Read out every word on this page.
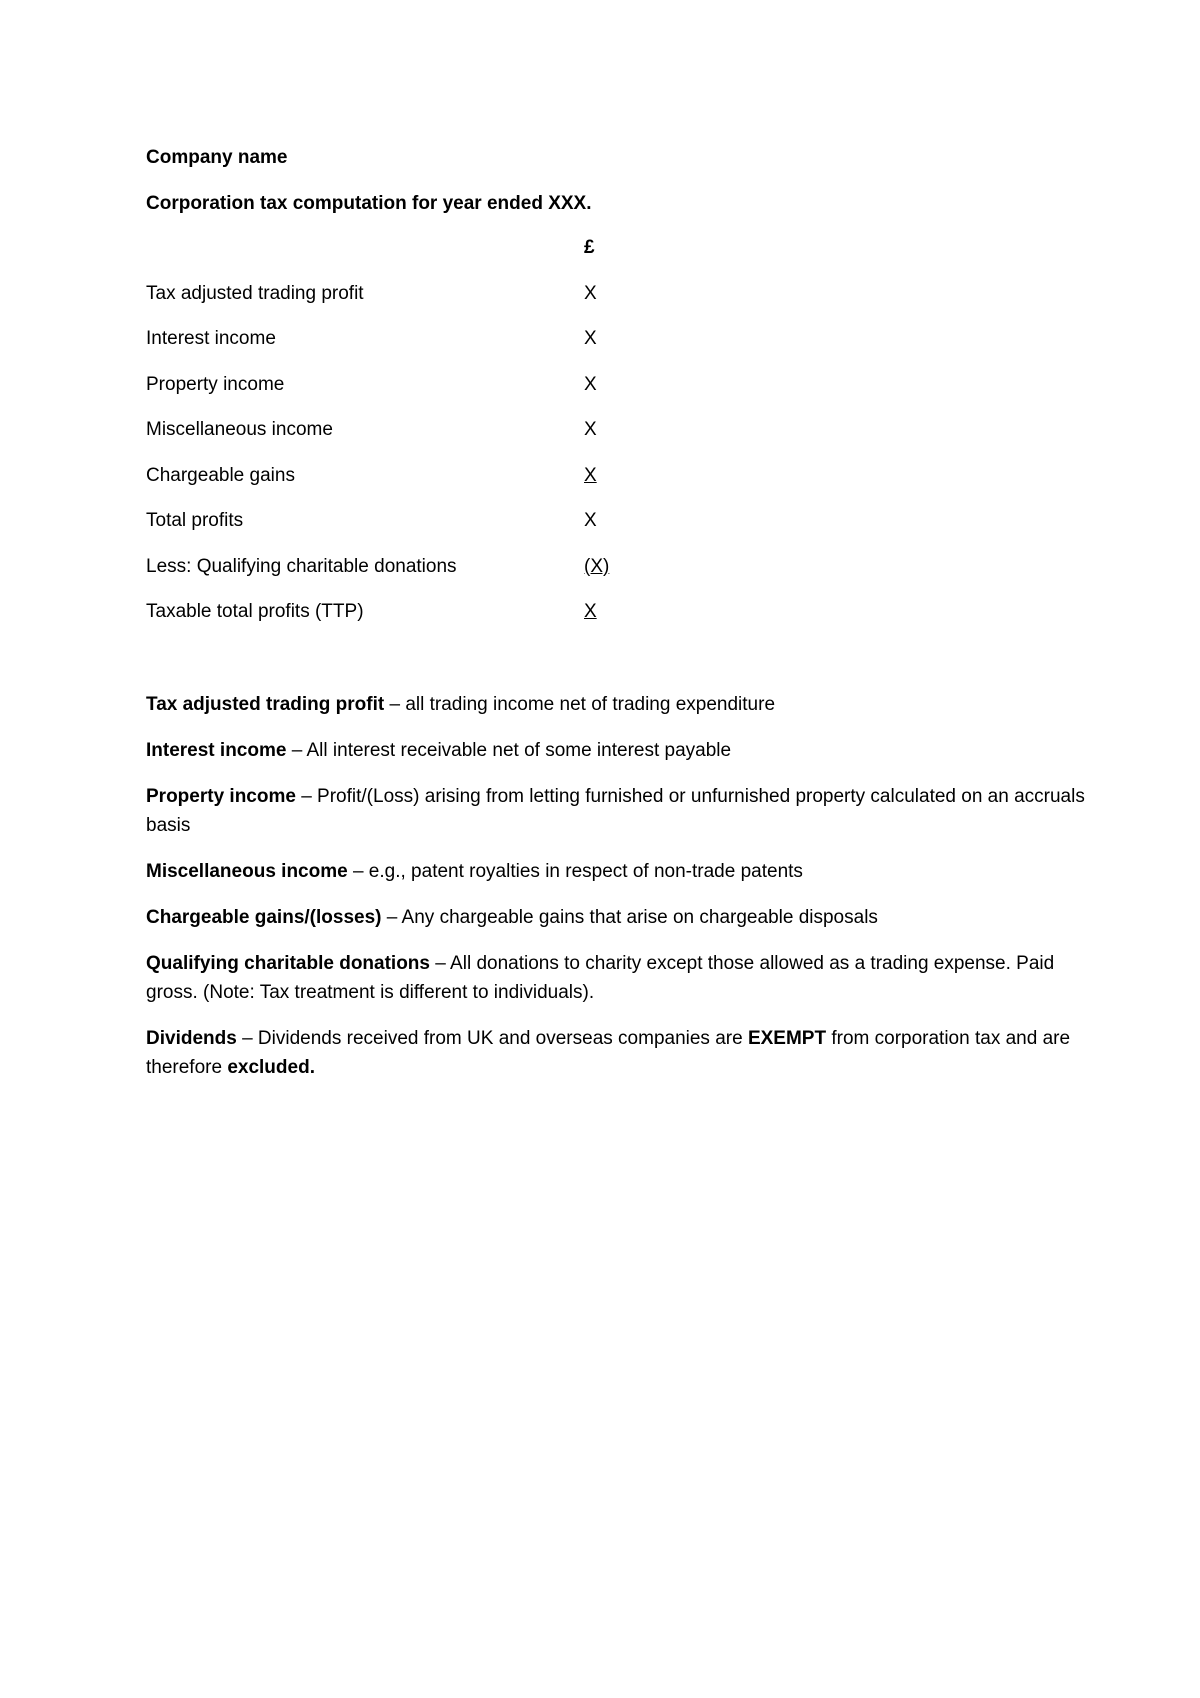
Company name

Corporation tax computation for year ended XXX.

£
Tax adjusted trading profit	X
Interest income	X
Property income	X
Miscellaneous income	X
Chargeable gains	X
Total profits	X
Less: Qualifying charitable donations	(X)
Taxable total profits (TTP)	X

Tax adjusted trading profit – all trading income net of trading expenditure

Interest income – All interest receivable net of some interest payable

Property income – Profit/(Loss) arising from letting furnished or unfurnished property calculated on an accruals basis

Miscellaneous income – e.g., patent royalties in respect of non-trade patents

Chargeable gains/(losses) – Any chargeable gains that arise on chargeable disposals

Qualifying charitable donations – All donations to charity except those allowed as a trading expense. Paid gross. (Note: Tax treatment is different to individuals).

Dividends – Dividends received from UK and overseas companies are EXEMPT from corporation tax and are therefore excluded.
